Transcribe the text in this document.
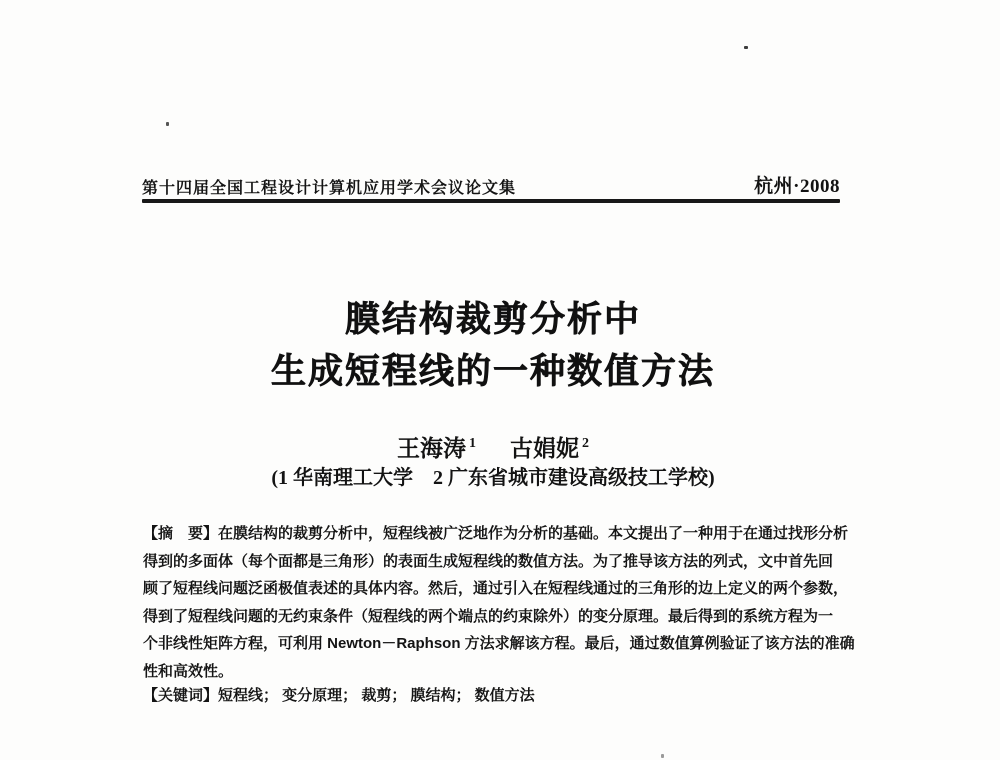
第十四届全国工程设计计算机应用学术会议论文集	杭州·2008
膜结构裁剪分析中
生成短程线的一种数值方法
王海涛 $^1$ 古娟妮 $^2$
(1 华南理工大学　2 广东省城市建设高级技工学校)
【摘　要】在膜结构的裁剪分析中，短程线被广泛地作为分析的基础。本文提出了一种用于在通过找形分析
得到的多面体（每个面都是三角形）的表面生成短程线的数值方法。为了推导该方法的列式，文中首先回
顾了短程线问题泛函极值表述的具体内容。然后，通过引入在短程线通过的三角形的边上定义的两个参数，
得到了短程线问题的无约束条件（短程线的两个端点的约束除外）的变分原理。最后得到的系统方程为一
个非线性矩阵方程，可利用 Newton－Raphson 方法求解该方程。最后，通过数值算例验证了该方法的准确
性和高效性。
【关键词】短程线； 变分原理； 裁剪； 膜结构； 数值方法
